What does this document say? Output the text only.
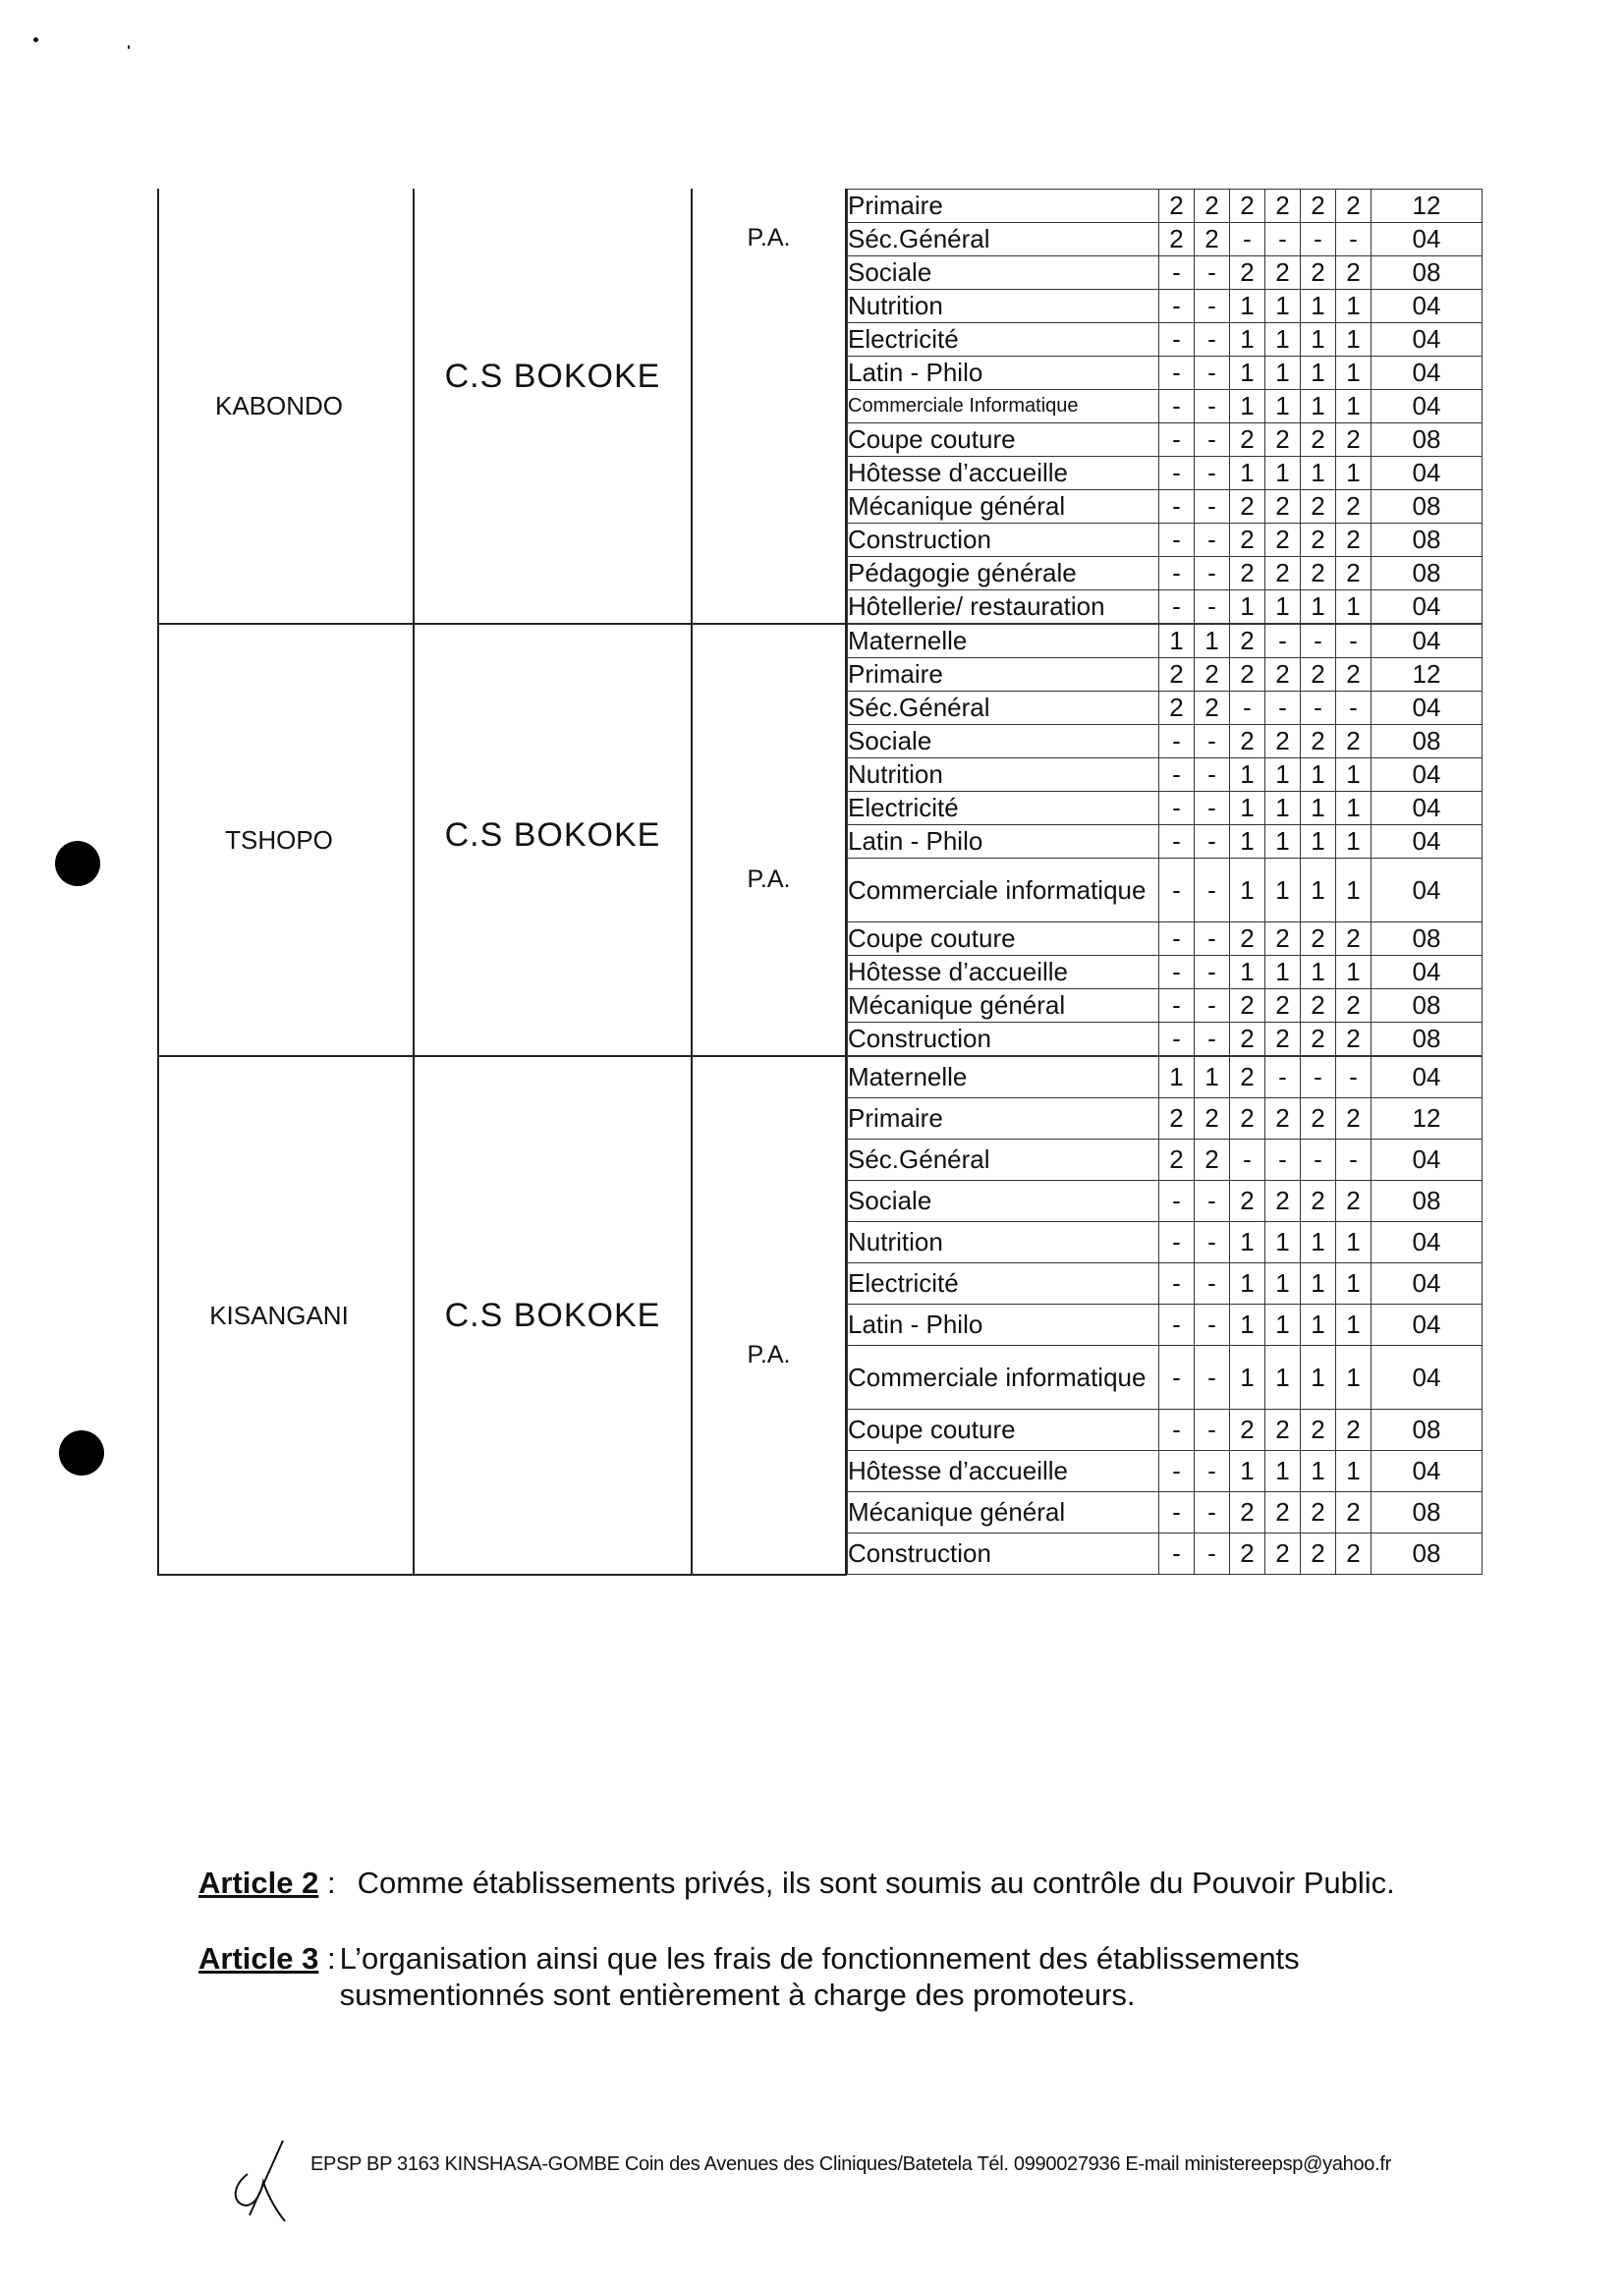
KABONDO	C.S BOKOKE	P.A.	
Primaire	2	2	2	2	2	2	12
Séc.Général	2	2	-	-	-	-	04
Sociale	-	-	2	2	2	2	08
Nutrition	-	-	1	1	1	1	04
Electricité	-	-	1	1	1	1	04
Latin - Philo	-	-	1	1	1	1	04
Commerciale Informatique	-	-	1	1	1	1	04
Coupe couture	-	-	2	2	2	2	08
Hôtesse d’accueille	-	-	1	1	1	1	04
Mécanique général	-	-	2	2	2	2	08
Construction	-	-	2	2	2	2	08
Pédagogie générale	-	-	2	2	2	2	08
Hôtellerie/ restauration	-	-	1	1	1	1	04

TSHOPO	C.S BOKOKE	P.A.	
Maternelle	1	1	2	-	-	-	04
Primaire	2	2	2	2	2	2	12
Séc.Général	2	2	-	-	-	-	04
Sociale	-	-	2	2	2	2	08
Nutrition	-	-	1	1	1	1	04
Electricité	-	-	1	1	1	1	04
Latin - Philo	-	-	1	1	1	1	04
Commerciale informatique	-	-	1	1	1	1	04
Coupe couture	-	-	2	2	2	2	08
Hôtesse d’accueille	-	-	1	1	1	1	04
Mécanique général	-	-	2	2	2	2	08
Construction	-	-	2	2	2	2	08

KISANGANI	C.S BOKOKE	P.A.	
Maternelle	1	1	2	-	-	-	04
Primaire	2	2	2	2	2	2	12
Séc.Général	2	2	-	-	-	-	04
Sociale	-	-	2	2	2	2	08
Nutrition	-	-	1	1	1	1	04
Electricité	-	-	1	1	1	1	04
Latin - Philo	-	-	1	1	1	1	04
Commerciale informatique	-	-	1	1	1	1	04
Coupe couture	-	-	2	2	2	2	08
Hôtesse d’accueille	-	-	1	1	1	1	04
Mécanique général	-	-	2	2	2	2	08
Construction	-	-	2	2	2	2	08
Article 2 : Comme établissements privés, ils sont soumis au contrôle du Pouvoir Public.
Article 3 : L’organisation ainsi que les frais de fonctionnement des établissements susmentionnés sont entièrement à charge des promoteurs.
EPSP BP 3163 KINSHASA-GOMBE Coin des Avenues des Cliniques/Batetela Tél. 0990027936 E-mail ministereepsp@yahoo.fr
